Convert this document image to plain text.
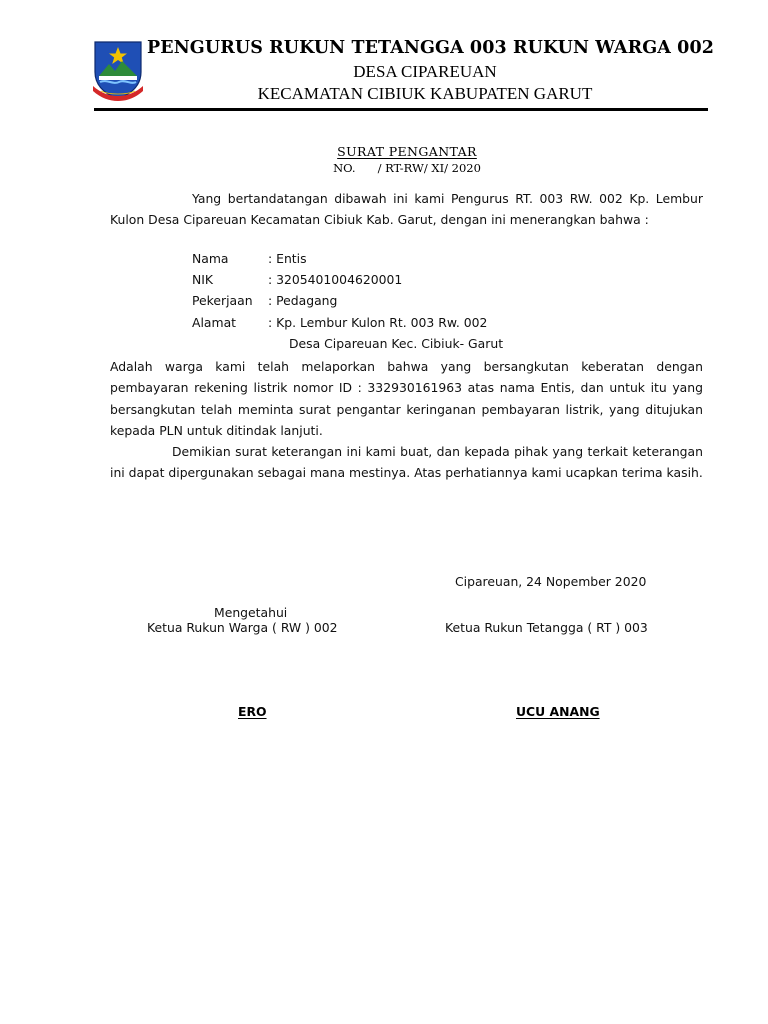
PENGURUS RUKUN TETANGGA 003 RUKUN WARGA 002
DESA CIPAREUAN
KECAMATAN CIBIUK KABUPATEN GARUT
SURAT PENGANTAR
NO. / RT-RW/ XI/ 2020

Yang bertandatangan dibawah ini kami Pengurus RT. 003 RW. 002 Kp. Lembur Kulon Desa Cipareuan Kecamatan Cibiuk Kab. Garut, dengan ini menerangkan bahwa :

Nama	: Entis
NIK	: 3205401004620001
Pekerjaan : Pedagang
Alamat	: Kp. Lembur Kulon Rt. 003 Rw. 002
Desa Cipareuan Kec. Cibiuk- Garut

Adalah warga kami telah melaporkan bahwa yang bersangkutan keberatan dengan pembayaran rekening listrik nomor ID : 332930161963 atas nama Entis, dan untuk itu yang bersangkutan telah meminta surat pengantar keringanan pembayaran listrik, yang ditujukan kepada PLN untuk ditindak lanjuti.

Demikian surat keterangan ini kami buat, dan kepada pihak yang terkait keterangan ini dapat dipergunakan sebagai mana mestinya. Atas perhatiannya kami ucapkan terima kasih.

Cipareuan, 24 Nopember 2020
Mengetahui
Ketua Rukun Warga ( RW ) 002	Ketua Rukun Tetangga ( RT ) 003
ERO	UCU ANANG
